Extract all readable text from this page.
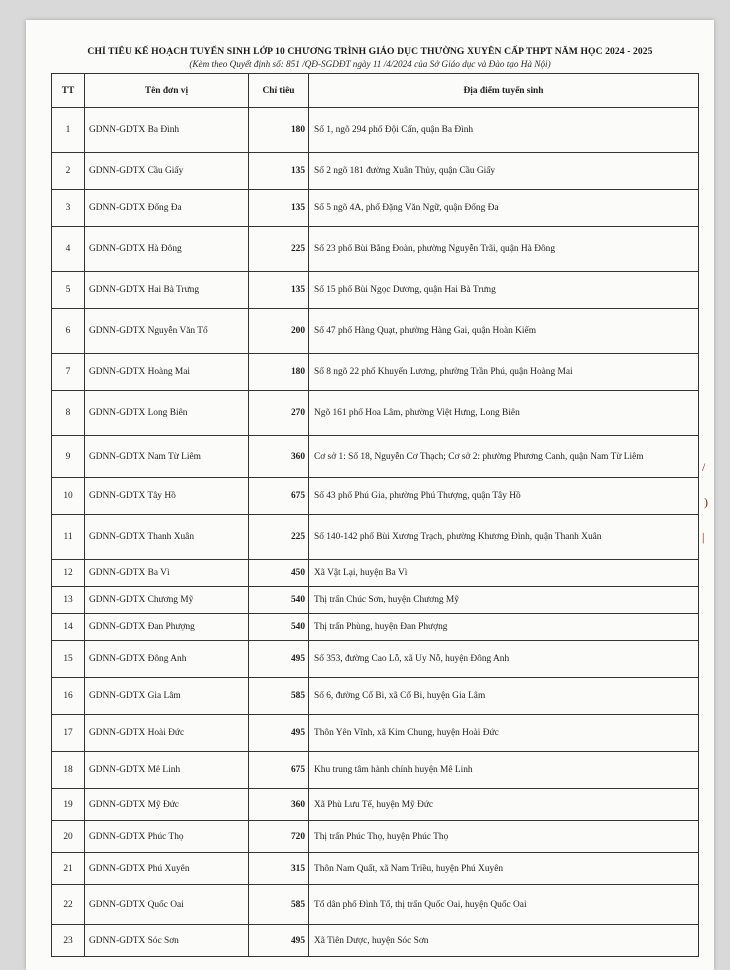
CHỈ TIÊU KẾ HOẠCH TUYỂN SINH LỚP 10 CHƯƠNG TRÌNH GIÁO DỤC THƯỜNG XUYÊN CẤP THPT NĂM HỌC 2024 - 2025
(Kèm theo Quyết định số: 851 /QĐ-SGDĐT ngày 11 /4/2024 của Sở Giáo dục và Đào tạo Hà Nội)
TT	Tên đơn vị	Chỉ tiêu	Địa điểm tuyển sinh
1	GDNN-GDTX Ba Đình	180	Số 1, ngõ 294 phố Đội Cấn, quận Ba Đình
2	GDNN-GDTX Cầu Giấy	135	Số 2 ngõ 181 đường Xuân Thủy, quận Cầu Giấy
3	GDNN-GDTX Đống Đa	135	Số 5 ngõ 4A, phố Đặng Văn Ngữ, quận Đống Đa
4	GDNN-GDTX Hà Đông	225	Số 23 phố Bùi Bằng Đoàn, phường Nguyễn Trãi, quận Hà Đông
5	GDNN-GDTX Hai Bà Trưng	135	Số 15 phố Bùi Ngọc Dương, quận Hai Bà Trưng
6	GDNN-GDTX Nguyễn Văn Tố	200	Số 47 phố Hàng Quạt, phường Hàng Gai, quận Hoàn Kiếm
7	GDNN-GDTX Hoàng Mai	180	Số 8 ngõ 22 phố Khuyến Lương, phường Trần Phú, quận Hoàng Mai
8	GDNN-GDTX Long Biên	270	Ngõ 161 phố Hoa Lâm, phường Việt Hưng, Long Biên
9	GDNN-GDTX Nam Từ Liêm	360	Cơ sở 1: Số 18, Nguyễn Cơ Thạch; Cơ sở 2: phường Phương Canh, quận Nam Từ Liêm
10	GDNN-GDTX Tây Hồ	675	Số 43 phố Phú Gia, phường Phú Thượng, quận Tây Hồ
11	GDNN-GDTX Thanh Xuân	225	Số 140-142 phố Bùi Xương Trạch, phường Khương Đình, quận Thanh Xuân
12	GDNN-GDTX Ba Vì	450	Xã Vật Lại, huyện Ba Vì
13	GDNN-GDTX Chương Mỹ	540	Thị trấn Chúc Sơn, huyện Chương Mỹ
14	GDNN-GDTX Đan Phượng	540	Thị trấn Phùng, huyện Đan Phượng
15	GDNN-GDTX Đông Anh	495	Số 353, đường Cao Lỗ, xã Uy Nỗ, huyện Đông Anh
16	GDNN-GDTX Gia Lâm	585	Số 6, đường Cổ Bi, xã Cổ Bi, huyện Gia Lâm
17	GDNN-GDTX Hoài Đức	495	Thôn Yên Vĩnh, xã Kim Chung, huyện Hoài Đức
18	GDNN-GDTX Mê Linh	675	Khu trung tâm hành chính huyện Mê Linh
19	GDNN-GDTX Mỹ Đức	360	Xã Phù Lưu Tế, huyện Mỹ Đức
20	GDNN-GDTX Phúc Thọ	720	Thị trấn Phúc Thọ, huyện Phúc Thọ
21	GDNN-GDTX Phú Xuyên	315	Thôn Nam Quất, xã Nam Triều, huyện Phú Xuyên
22	GDNN-GDTX Quốc Oai	585	Tổ dân phố Đình Tổ, thị trấn Quốc Oai, huyện Quốc Oai
23	GDNN-GDTX Sóc Sơn	495	Xã Tiên Dược, huyện Sóc Sơn
/
)
|
